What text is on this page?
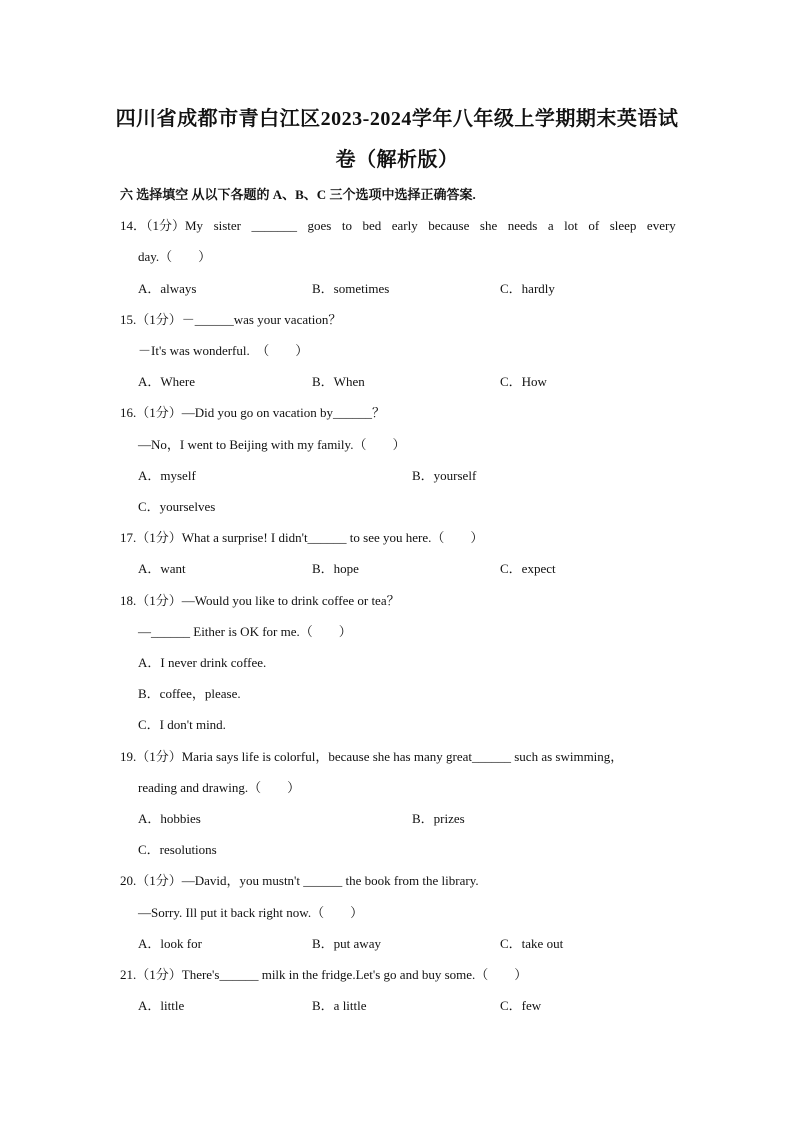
四川省成都市青白江区2023-2024学年八年级上学期期末英语试
卷（解析版）
六 选择填空 从以下各题的 A、B、C 三个选项中选择正确答案.
14．（1分）My sister _______ goes to bed early because she needs a lot of sleep every
day.（　　）
A．always	B．sometimes	C．hardly
15.（1分）－______was your vacation？
－It's was wonderful.　（　　）
A．Where	B．When	C．How
16.（1分）—Did you go on vacation by______？
—No，I went to Beijing with my family.（　　）
A．myself	B．yourself
C．yourselves
17.（1分）What a surprise! I didn't______ to see you here.（　　）
A．want	B．hope	C．expect
18.（1分）—Would you like to drink coffee or tea？
—______ Either is OK for me.（　　）
A．I never drink coffee.
B．coffee，please.
C．I don't mind.
19.（1分）Maria says life is colorful，because she has many great______ such as swimming，
reading and drawing.（　　）
A．hobbies	B．prizes
C．resolutions
20.（1分）—David，you mustn't ______ the book from the library.
—Sorry. Ill put it back right now.（　　）
A．look for	B．put away	C．take out
21.（1分）There's______ milk in the fridge.Let's go and buy some.（　　）
A．little	B．a little	C．few
